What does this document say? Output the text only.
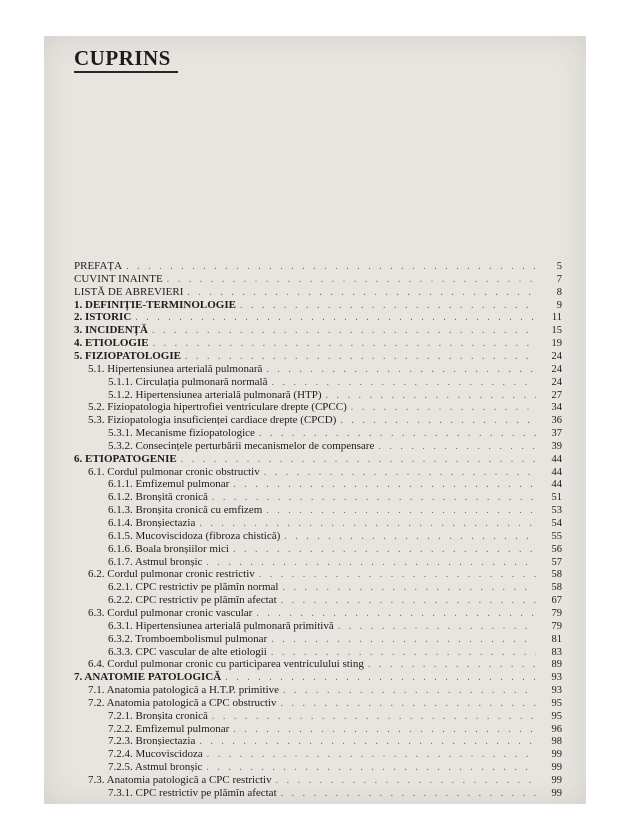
CUPRINS
PREFAȚA . . .	5
CUVINT INAINTE . . .	7
LISTĂ DE ABREVIERI . . .	8
1. DEFINIȚIE-TERMINOLOGIE . . .	9
2. ISTORIC . . .	11
3. INCIDENȚĂ . . .	15
4. ETIOLOGIE . . .	19
5. FIZIOPATOLOGIE . . .	24
5.1. Hipertensiunea arterială pulmonară . . .	24
5.1.1. Circulația pulmonară normală . . .	24
5.1.2. Hipertensiunea arterială pulmonară (HTP) . . .	27
5.2. Fiziopatologia hipertrofiei ventriculare drepte (CPCC) . . .	34
5.3. Fiziopatologia insuficienței cardiace drepte (CPCD) . . .	36
5.3.1. Mecanisme fiziopatologice . . .	37
5.3.2. Consecințele perturbării mecanismelor de compensare . . .	39
6. ETIOPATOGENIE . . .	44
6.1. Cordul pulmonar cronic obstructiv . . .	44
6.1.1. Emfizemul pulmonar . . .	44
6.1.2. Bronșită cronică . . .	51
6.1.3. Bronșita cronică cu emfizem . . .	53
6.1.4. Bronșiectazia . . .	54
6.1.5. Mucoviscidoza (fibroza chistică) . . .	55
6.1.6. Boala bronșiilor mici . . .	56
6.1.7. Astmul bronșic . . .	57
6.2. Cordul pulmonar cronic restrictiv . . .	58
6.2.1. CPC restrictiv pe plămîn normal . . .	58
6.2.2. CPC restrictiv pe plămîn afectat . . .	67
6.3. Cordul pulmonar cronic vascular . . .	79
6.3.1. Hipertensiunea arterială pulmonară primitivă . . .	79
6.3.2. Tromboembolismul pulmonar . . .	81
6.3.3. CPC vascular de alte etiologii . . .	83
6.4. Cordul pulmonar cronic cu participarea ventriculului sting . . .	89
7. ANATOMIE PATOLOGICĂ . . .	93
7.1. Anatomia patologică a H.T.P. primitive . . .	93
7.2. Anatomia patologică a CPC obstructiv . . .	95
7.2.1. Bronșita cronică . . .	95
7.2.2. Emfizemul pulmonar . . .	96
7.2.3. Bronșiectazia . . .	98
7.2.4. Mucoviscidoza . . .	99
7.2.5. Astmul bronșic . . .	99
7.3. Anatomia patologică a CPC restrictiv . . .	99
7.3.1. CPC restrictiv pe plămîn afectat . . .	99
